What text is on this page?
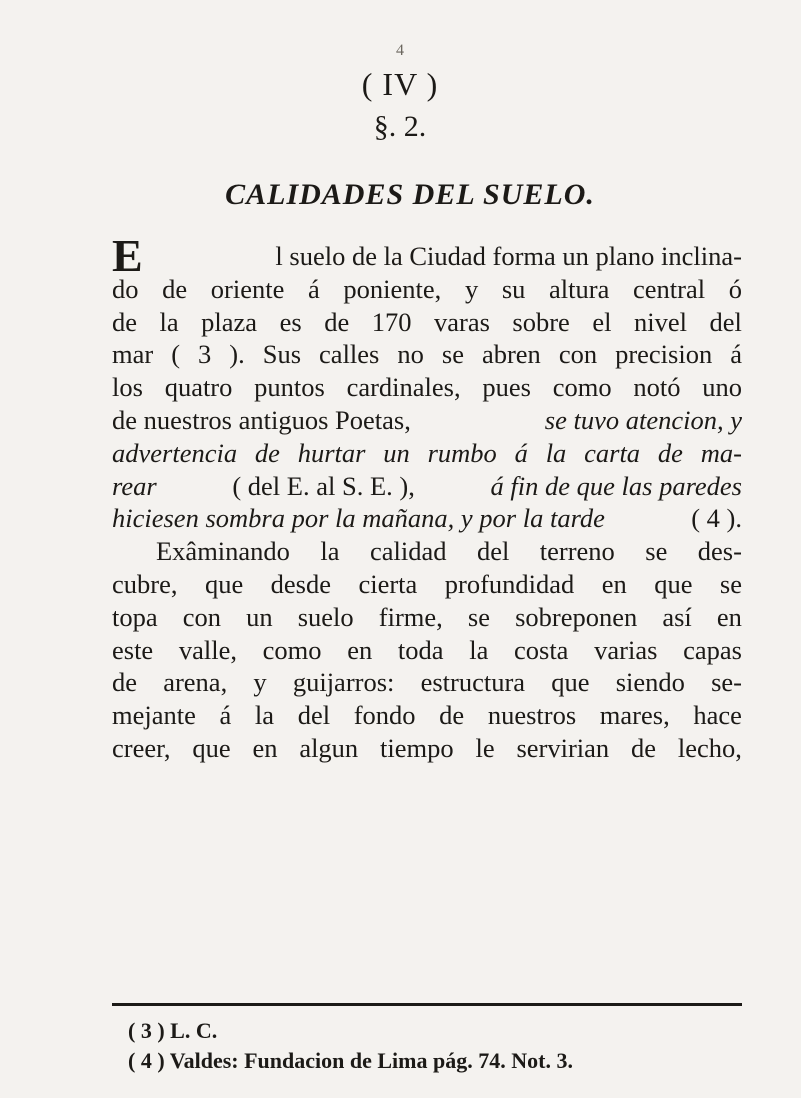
4
( IV )
§. 2.
CALIDADES DEL SUELO.
E	l suelo de la Ciudad forma un plano inclina-
do de oriente á poniente, y su altura central ó
de la plaza es de 170 varas sobre el nivel del
mar ( 3 ). Sus calles no se abren con precision á
los quatro puntos cardinales, pues como notó uno
de nuestros antiguos Poetas,	se tuvo atencion, y
advertencia de hurtar un rumbo á la carta de ma-
rear	( del E. al S. E. ),	á fin de que las paredes
hiciesen sombra por la mañana, y por la tarde	( 4 ).
Exâminando la calidad del terreno se des-
cubre, que desde cierta profundidad en que se
topa con un suelo firme, se sobreponen así en
este valle, como en toda la costa varias capas
de arena, y guijarros: estructura que siendo se-
mejante á la del fondo de nuestros mares, hace
creer, que en algun tiempo le servirian de lecho,
( 3 ) L. C.
( 4 ) Valdes: Fundacion de Lima pág. 74. Not. 3.
